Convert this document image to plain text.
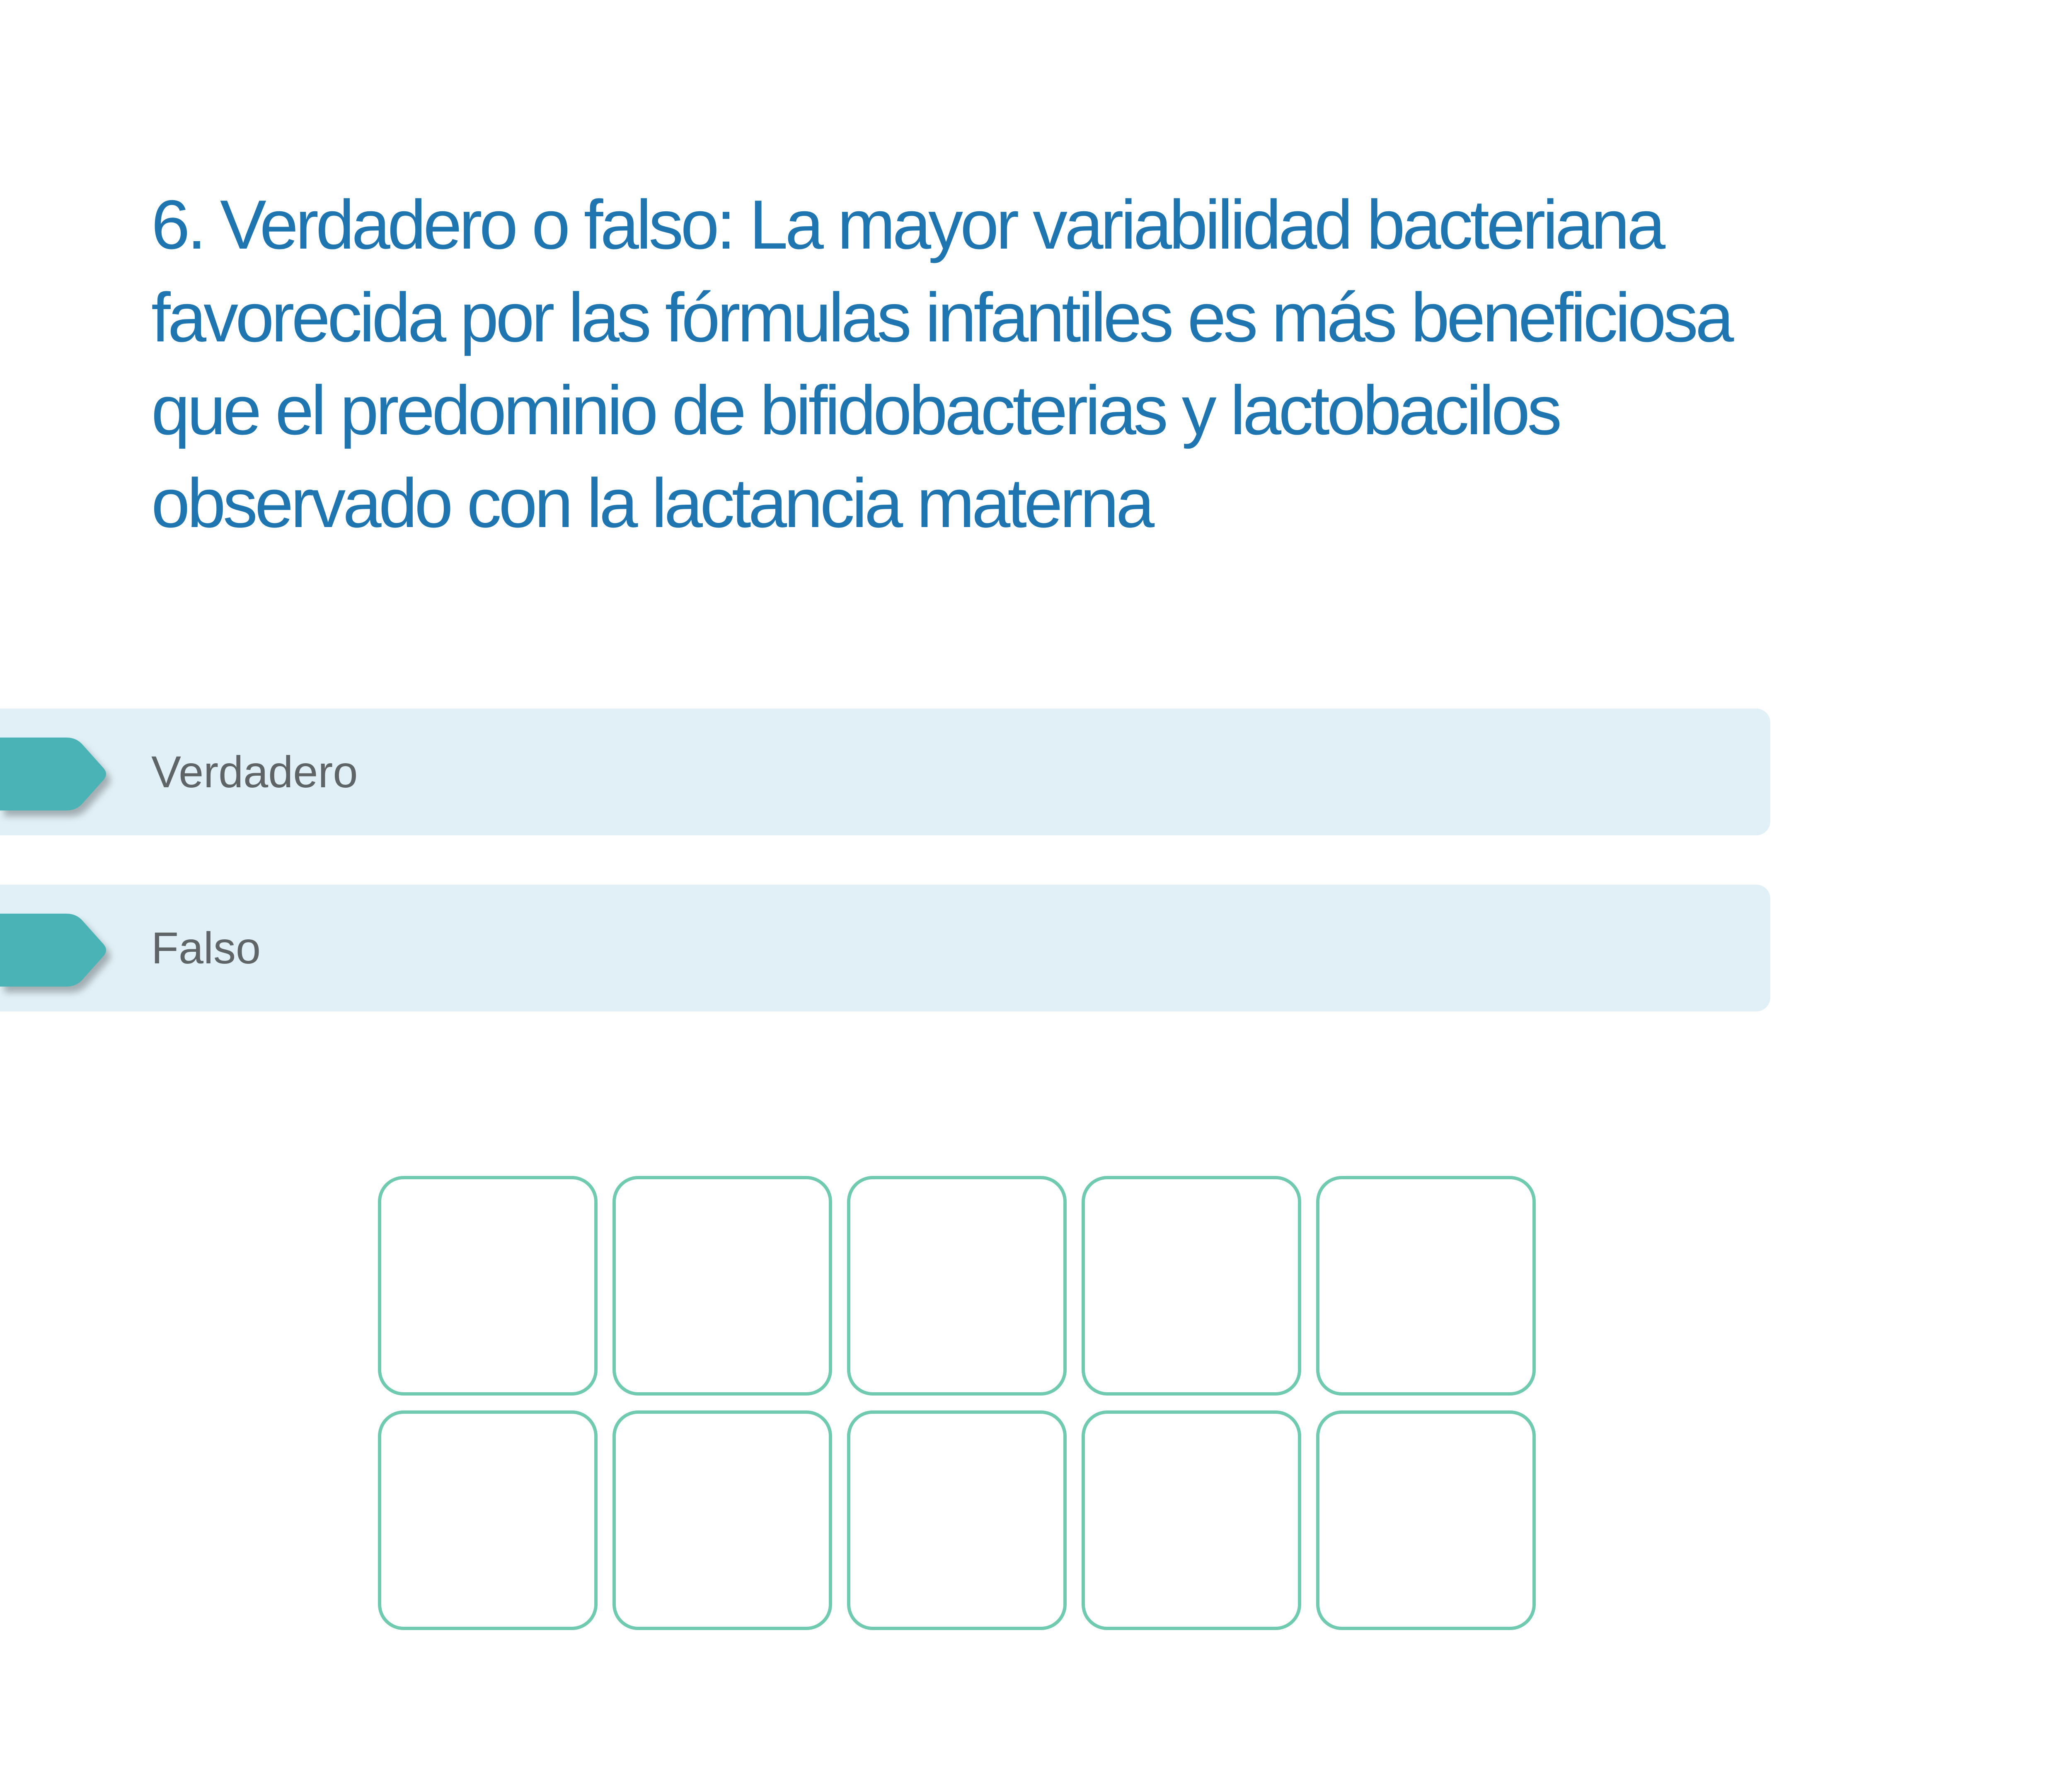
6. Verdadero o falso: La mayor variabilidad bacteriana favorecida por las fórmulas infantiles es más beneficiosa que el predominio de bifidobacterias y lactobacilos observado con la lactancia materna
Verdadero
Falso
